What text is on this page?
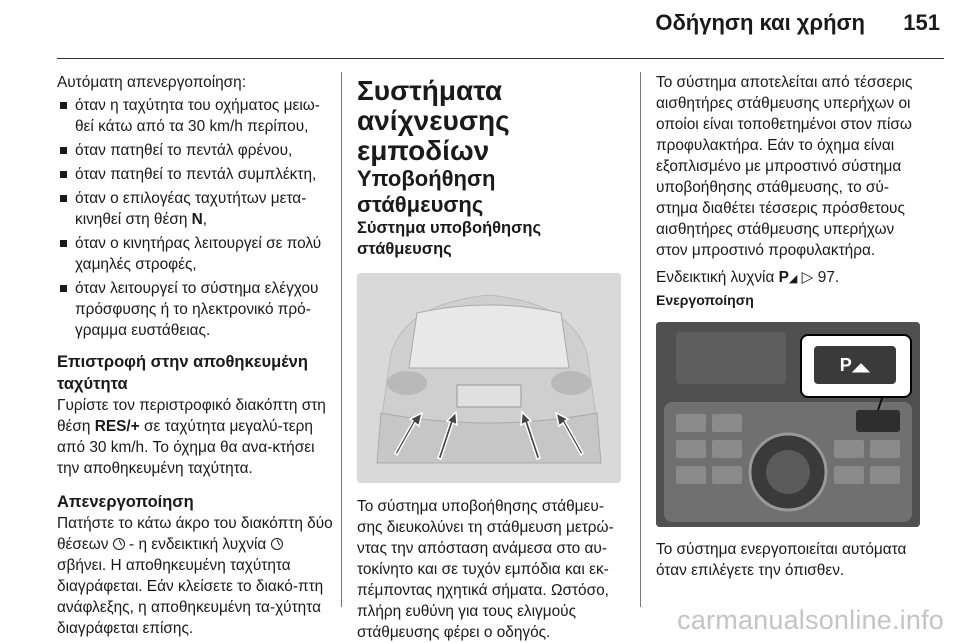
Οδήγηση και χρήση 151

Αυτόματη απενεργοποίηση:

όταν η ταχύτητα του οχήματος μειω-θεί κάτω από τα 30 km/h περίπου,
όταν πατηθεί το πεντάλ φρένου,
όταν πατηθεί το πεντάλ συμπλέκτη,
όταν ο επιλογέας ταχυτήτων μετα-κινηθεί στη θέση N,
όταν ο κινητήρας λειτουργεί σε πολύ χαμηλές στροφές,
όταν λειτουργεί το σύστημα ελέγχου πρόσφυσης ή το ηλεκτρονικό πρό-γραμμα ευστάθειας.

Επιστροφή στην αποθηκευμένη ταχύτητα

Γυρίστε τον περιστροφικό διακόπτη στη θέση RES/+ σε ταχύτητα μεγαλύ-τερη από 30 km/h. Το όχημα θα ανα-κτήσει την αποθηκευμένη ταχύτητα.

Απενεργοποίηση

Πατήστε το κάτω άκρο του διακόπτη δύο θέσεων  - η ενδεικτική λυχνία  σβήνει. Η αποθηκευμένη ταχύτητα διαγράφεται. Εάν κλείσετε το διακό-πτη ανάφλεξης, η αποθηκευμένη τα-χύτητα διαγράφεται επίσης.

Συστήματα ανίχνευσης εμποδίων

Υποβοήθηση στάθμευσης

Σύστημα υποβοήθησης στάθμευσης

Το σύστημα υποβοήθησης στάθμευ-σης διευκολύνει τη στάθμευση μετρώ-ντας την απόσταση ανάμεσα στο αυ-τοκίνητο και σε τυχόν εμπόδια και εκ-πέμποντας ηχητικά σήματα. Ωστόσο, πλήρη ευθύνη για τους ελιγμούς στάθμευσης φέρει ο οδηγός.

Το σύστημα αποτελείται από τέσσερις αισθητήρες στάθμευσης υπερήχων οι οποίοι είναι τοποθετημένοι στον πίσω προφυλακτήρα. Εάν το όχημα είναι εξοπλισμένο με μπροστινό σύστημα υποβοήθησης στάθμευσης, το σύ-στημα διαθέτει τέσσερις πρόσθετους αισθητήρες στάθμευσης υπερήχων στον μπροστινό προφυλακτήρα.

Ενδεικτική λυχνία P◢ ▷ 97.

Ενεργοποίηση

P◢◣

Το σύστημα ενεργοποιείται αυτόματα όταν επιλέγετε την όπισθεν.

carmanualsonline.info
